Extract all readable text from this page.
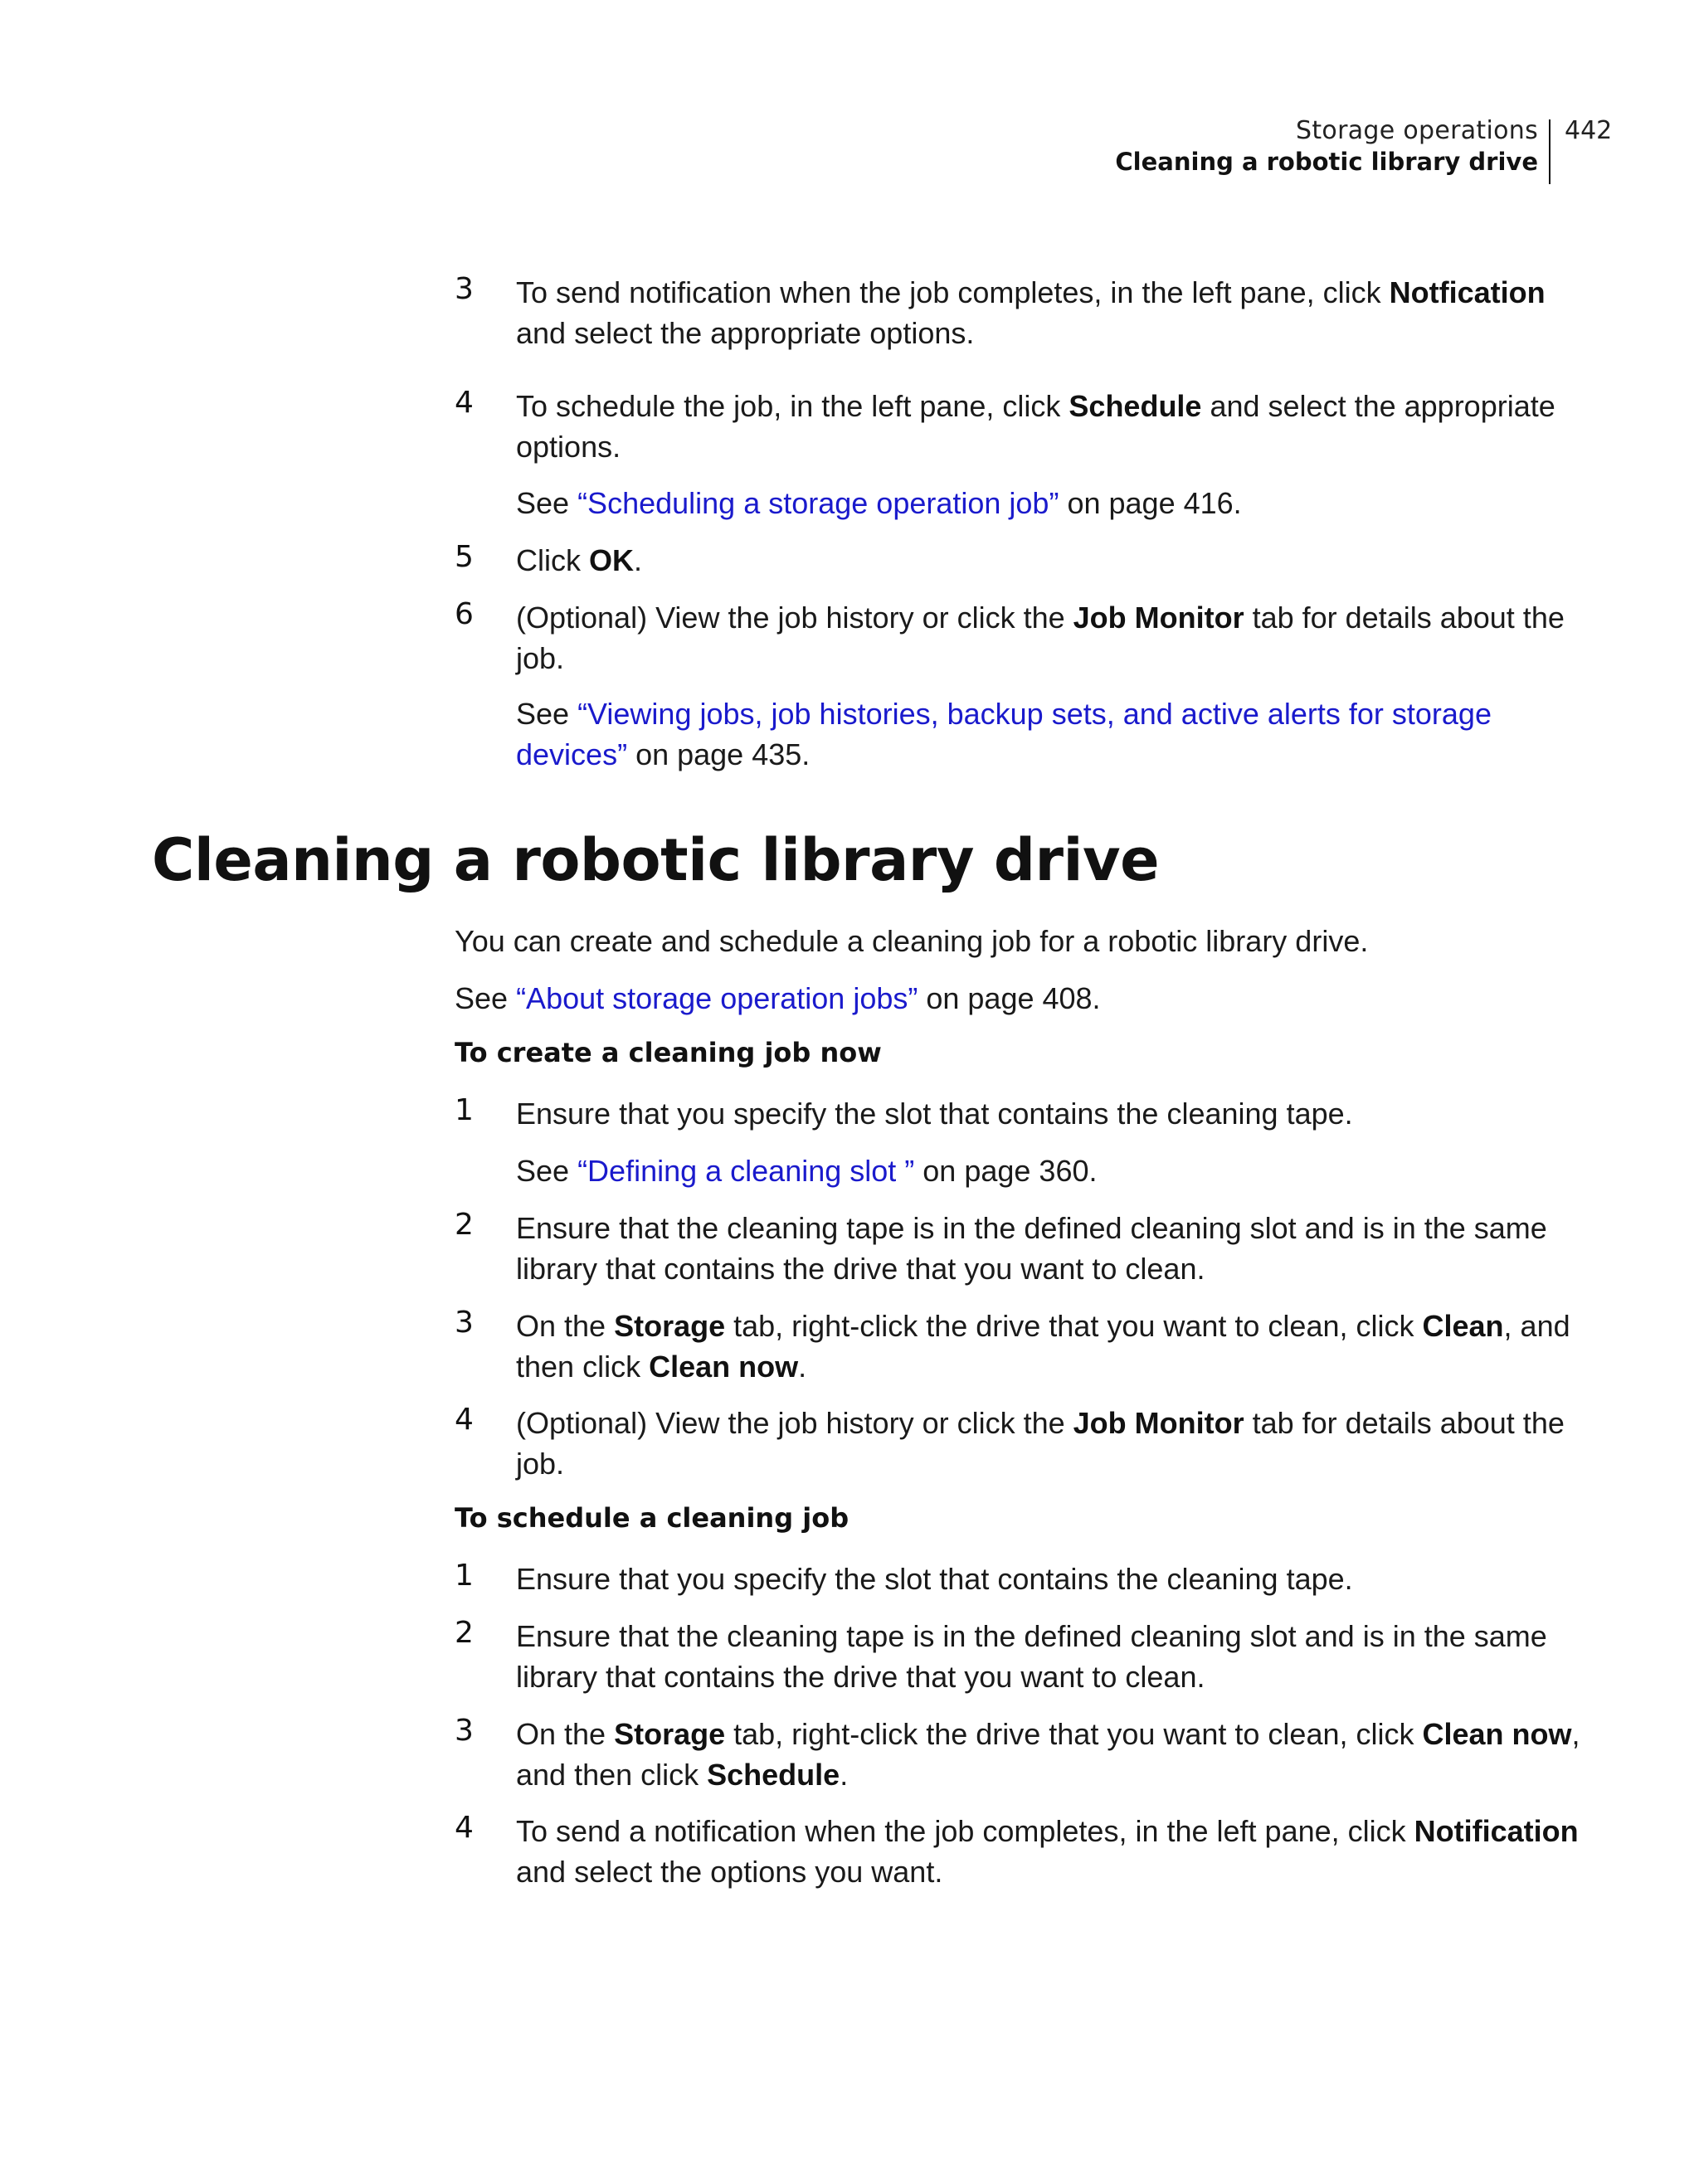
Storage operations
Cleaning a robotic library drive
442
3 To send notification when the job completes, in the left pane, click Notfication and select the appropriate options.
4 To schedule the job, in the left pane, click Schedule and select the appropriate options.
See “Scheduling a storage operation job” on page 416.
5 Click OK.
6 (Optional) View the job history or click the Job Monitor tab for details about the job.
See “Viewing jobs, job histories, backup sets, and active alerts for storage devices” on page 435.
Cleaning a robotic library drive
You can create and schedule a cleaning job for a robotic library drive.
See “About storage operation jobs” on page 408.
To create a cleaning job now
1 Ensure that you specify the slot that contains the cleaning tape.
See “Defining a cleaning slot ” on page 360.
2 Ensure that the cleaning tape is in the defined cleaning slot and is in the same library that contains the drive that you want to clean.
3 On the Storage tab, right-click the drive that you want to clean, click Clean, and then click Clean now.
4 (Optional) View the job history or click the Job Monitor tab for details about the job.
To schedule a cleaning job
1 Ensure that you specify the slot that contains the cleaning tape.
2 Ensure that the cleaning tape is in the defined cleaning slot and is in the same library that contains the drive that you want to clean.
3 On the Storage tab, right-click the drive that you want to clean, click Clean now, and then click Schedule.
4 To send a notification when the job completes, in the left pane, click Notification and select the options you want.
